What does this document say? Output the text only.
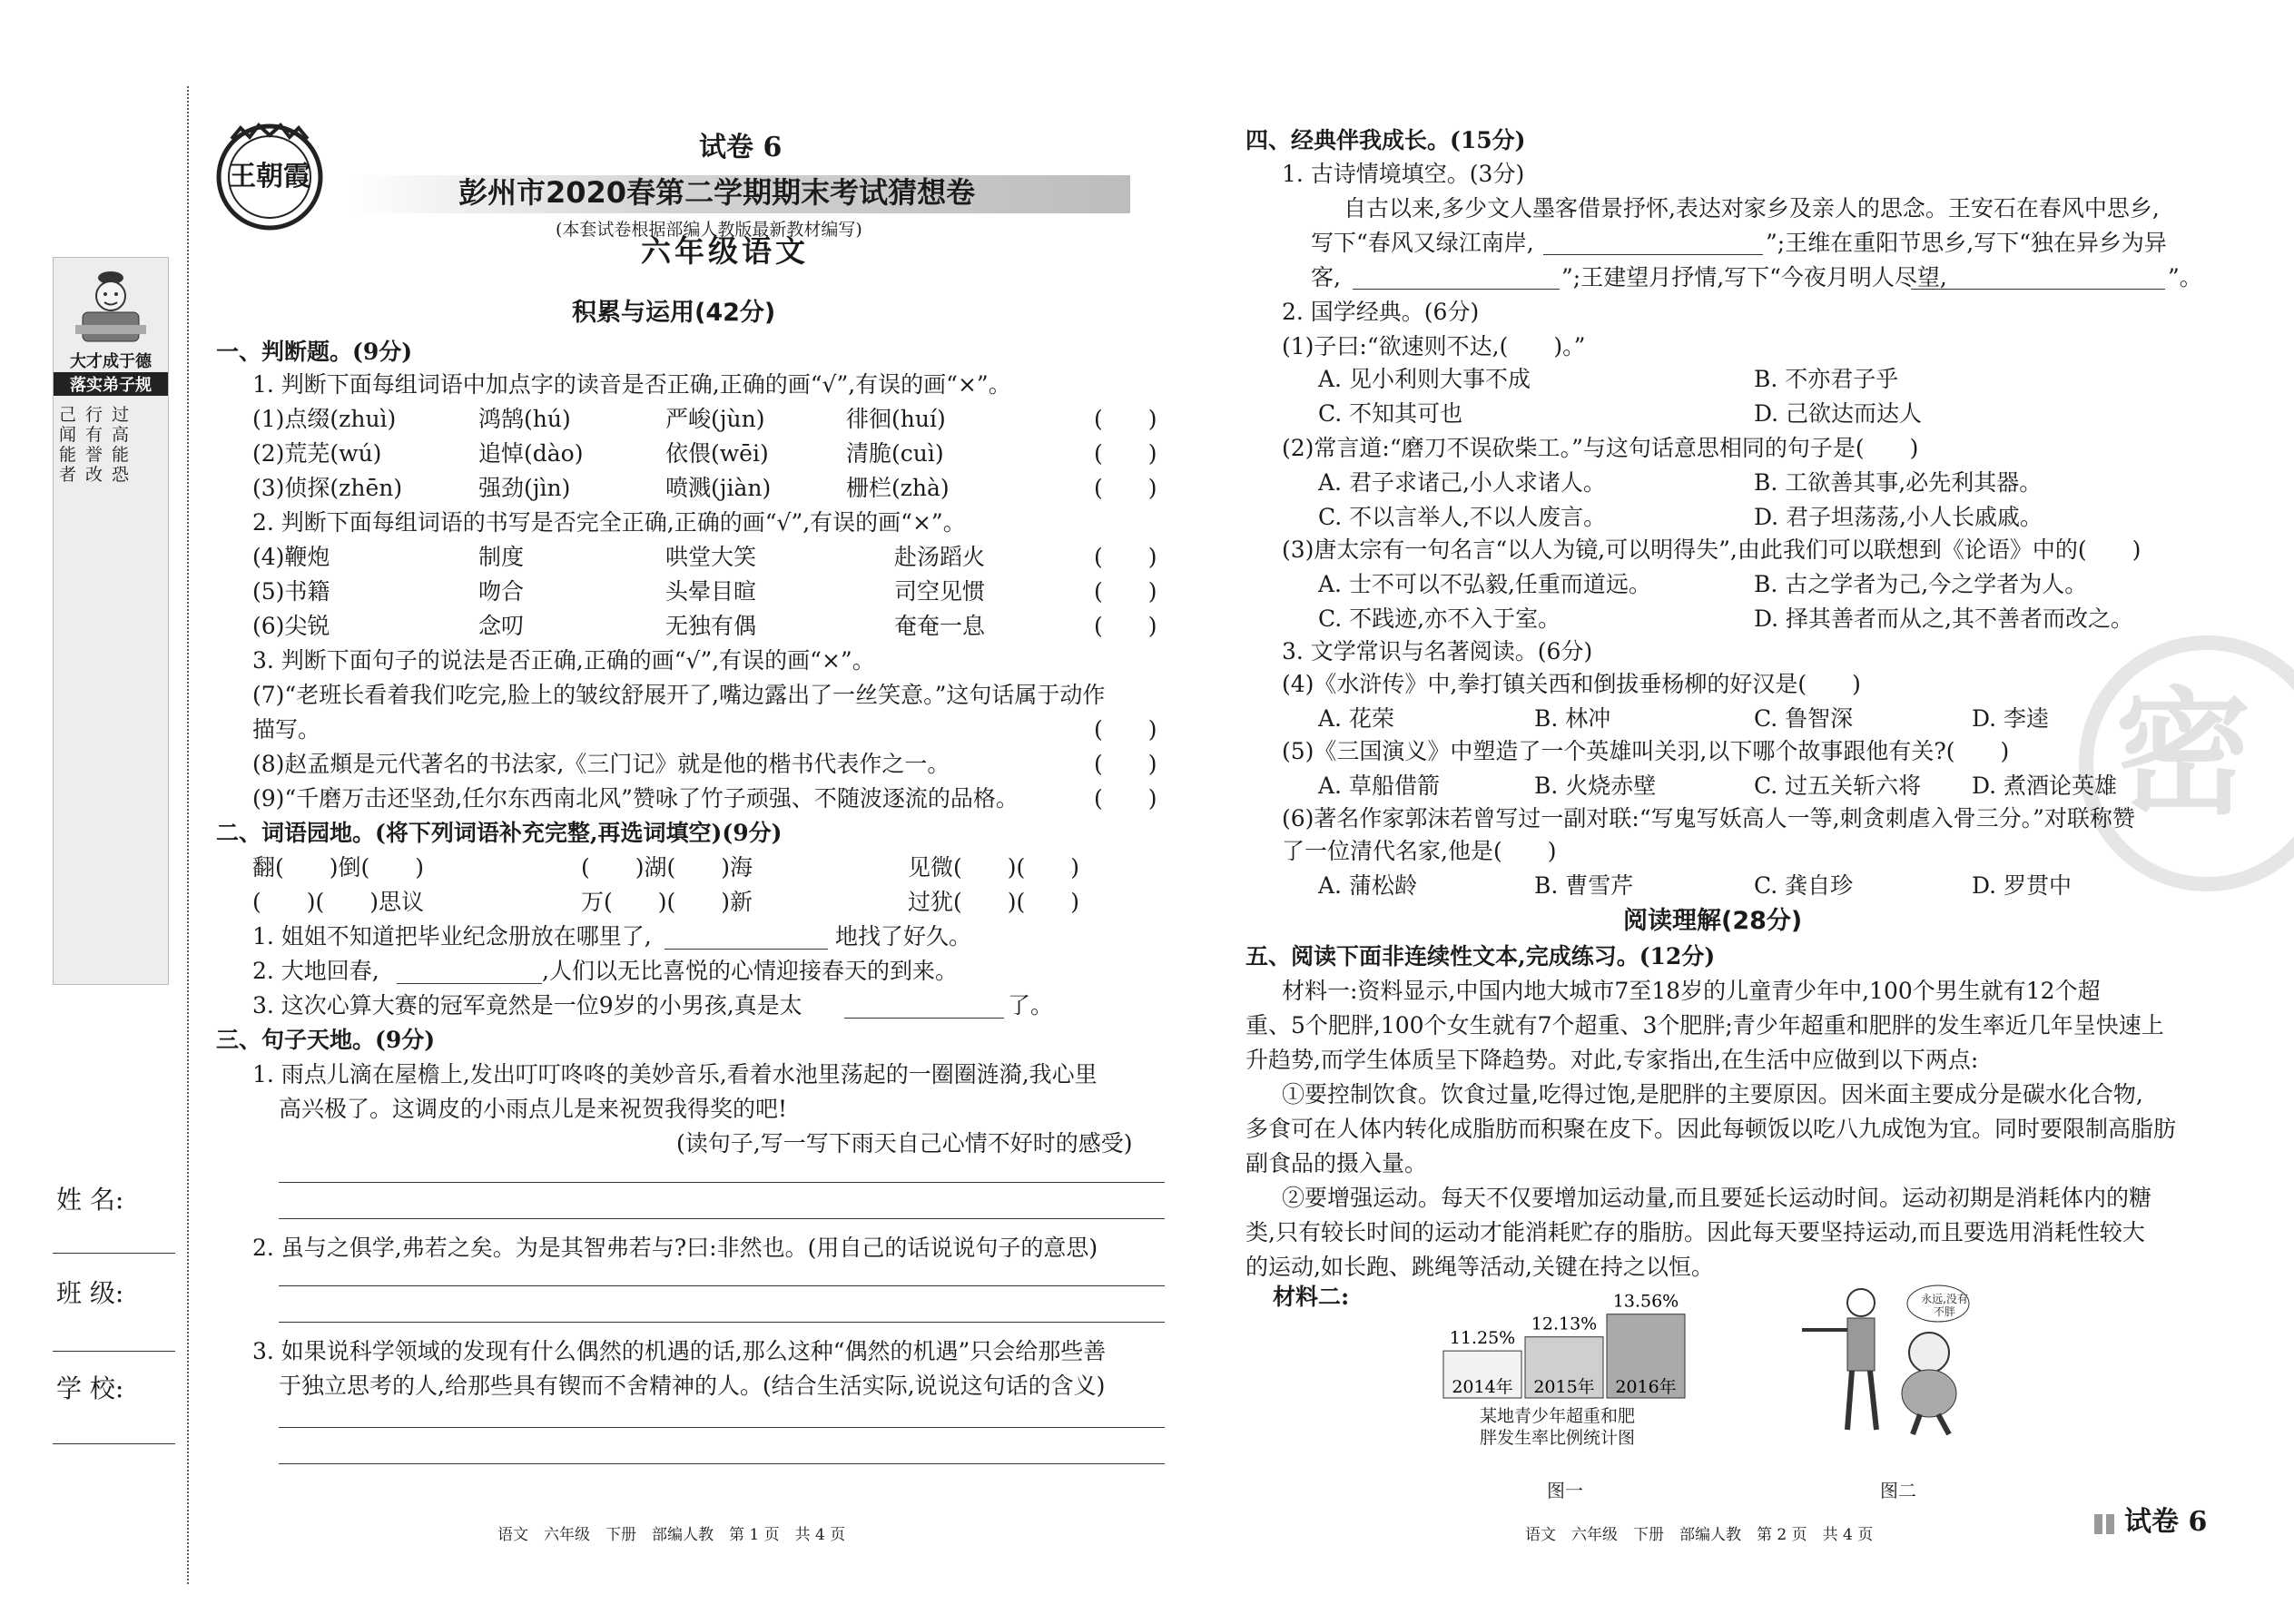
大才成于德
落实弟子规
己行过闻有高能誉能者改恐
姓 名:
班 级:
学 校:
王朝霞
试卷 6
彭州市2020春第二学期期末考试猜想卷
(本套试卷根据部编人教版最新教材编写)
六年级语文
积累与运用(42分)
一、判断题。(9分)
1. 判断下面每组词语中加点字的读音是否正确,正确的画“√”,有误的画“×”。
(1)点缀(zhuì)	鸿鹄(hú)	严峻(jùn)	徘徊(huí)	(　　)
(2)荒芜(wú)	追悼(dào)	依偎(wēi)	清脆(cuì)	(　　)
(3)侦探(zhēn)	强劲(jìn)	喷溅(jiàn)	栅栏(zhà)	(　　)
2. 判断下面每组词语的书写是否完全正确,正确的画“√”,有误的画“×”。
(4)鞭炮	制度	哄堂大笑	赴汤蹈火	(　　)
(5)书籍	吻合	头晕目暄	司空见惯	(　　)
(6)尖锐	念叨	无独有偶	奄奄一息	(　　)
3. 判断下面句子的说法是否正确,正确的画“√”,有误的画“×”。
(7)“老班长看着我们吃完,脸上的皱纹舒展开了,嘴边露出了一丝笑意。”这句话属于动作
描写。	(　　)
(8)赵孟頫是元代著名的书法家,《三门记》就是他的楷书代表作之一。	(　　)
(9)“千磨万击还坚劲,任尔东西南北风”赞咏了竹子顽强、不随波逐流的品格。	(　　)
二、词语园地。(将下列词语补充完整,再选词填空)(9分)
翻(　　)倒(　　)	(　　)湖(　　)海	见微(　　)(　　)
(　　)(　　)思议	万(　　)(　　)新	过犹(　　)(　　)
1. 姐姐不知道把毕业纪念册放在哪里了,	地找了好久。
2. 大地回春,	,人们以无比喜悦的心情迎接春天的到来。
3. 这次心算大赛的冠军竟然是一位9岁的小男孩,真是太	了。
三、句子天地。(9分)
1. 雨点儿滴在屋檐上,发出叮叮咚咚的美妙音乐,看着水池里荡起的一圈圈涟漪,我心里
高兴极了。这调皮的小雨点儿是来祝贺我得奖的吧!
(读句子,写一写下雨天自己心情不好时的感受)
2. 虽与之俱学,弗若之矣。为是其智弗若与?曰:非然也。(用自己的话说说句子的意思)
3. 如果说科学领域的发现有什么偶然的机遇的话,那么这种“偶然的机遇”只会给那些善
于独立思考的人,给那些具有锲而不舍精神的人。(结合生活实际,说说这句话的含义)
语文　六年级　下册　部编人教　第 1 页　共 4 页
密
四、经典伴我成长。(15分)
1. 古诗情境填空。(3分)
自古以来,多少文人墨客借景抒怀,表达对家乡及亲人的思念。王安石在春风中思乡,
写下“春风又绿江南岸,	”;王维在重阳节思乡,写下“独在异乡为异
客,	”;王建望月抒情,写下“今夜月明人尽望,	”。
2. 国学经典。(6分)
(1)子曰:“欲速则不达,(　　)。”
A. 见小利则大事不成	B. 不亦君子乎
C. 不知其可也	D. 己欲达而达人
(2)常言道:“磨刀不误砍柴工。”与这句话意思相同的句子是(　　)
A. 君子求诸己,小人求诸人。	B. 工欲善其事,必先利其器。
C. 不以言举人,不以人废言。	D. 君子坦荡荡,小人长戚戚。
(3)唐太宗有一句名言“以人为镜,可以明得失”,由此我们可以联想到《论语》中的(　　)
A. 士不可以不弘毅,任重而道远。	B. 古之学者为己,今之学者为人。
C. 不践迹,亦不入于室。	D. 择其善者而从之,其不善者而改之。
3. 文学常识与名著阅读。(6分)
(4)《水浒传》中,拳打镇关西和倒拔垂杨柳的好汉是(　　)
A. 花荣	B. 林冲	C. 鲁智深	D. 李逵
(5)《三国演义》中塑造了一个英雄叫关羽,以下哪个故事跟他有关?(　　)
A. 草船借箭	B. 火烧赤壁	C. 过五关斩六将 D. 煮酒论英雄
(6)著名作家郭沫若曾写过一副对联:“写鬼写妖高人一等,刺贪刺虐入骨三分。”对联称赞
了一位清代名家,他是(　　)
A. 蒲松龄	B. 曹雪芹	C. 龚自珍	D. 罗贯中
阅读理解(28分)
五、阅读下面非连续性文本,完成练习。(12分)
材料一:资料显示,中国内地大城市7至18岁的儿童青少年中,100个男生就有12个超
重、5个肥胖,100个女生就有7个超重、3个肥胖;青少年超重和肥胖的发生率近几年呈快速上
升趋势,而学生体质呈下降趋势。对此,专家指出,在生活中应做到以下两点:
①要控制饮食。饮食过量,吃得过饱,是肥胖的主要原因。因米面主要成分是碳水化合物,
多食可在人体内转化成脂肪而积聚在皮下。因此每顿饭以吃八九成饱为宜。同时要限制高脂肪
副食品的摄入量。
②要增强运动。每天不仅要增加运动量,而且要延长运动时间。运动初期是消耗体内的糖
类,只有较长时间的运动才能消耗贮存的脂肪。因此每天要坚持运动,而且要选用消耗性较大
的运动,如长跑、跳绳等活动,关键在持之以恒。
材料二:
2014年
11.25%
2015年
12.13%
2016年
13.56%
某地青少年超重和肥
胖发生率比例统计图
图一
永远,没有不胖
图二
语文　六年级　下册　部编人教　第 2 页　共 4 页	试卷 6
